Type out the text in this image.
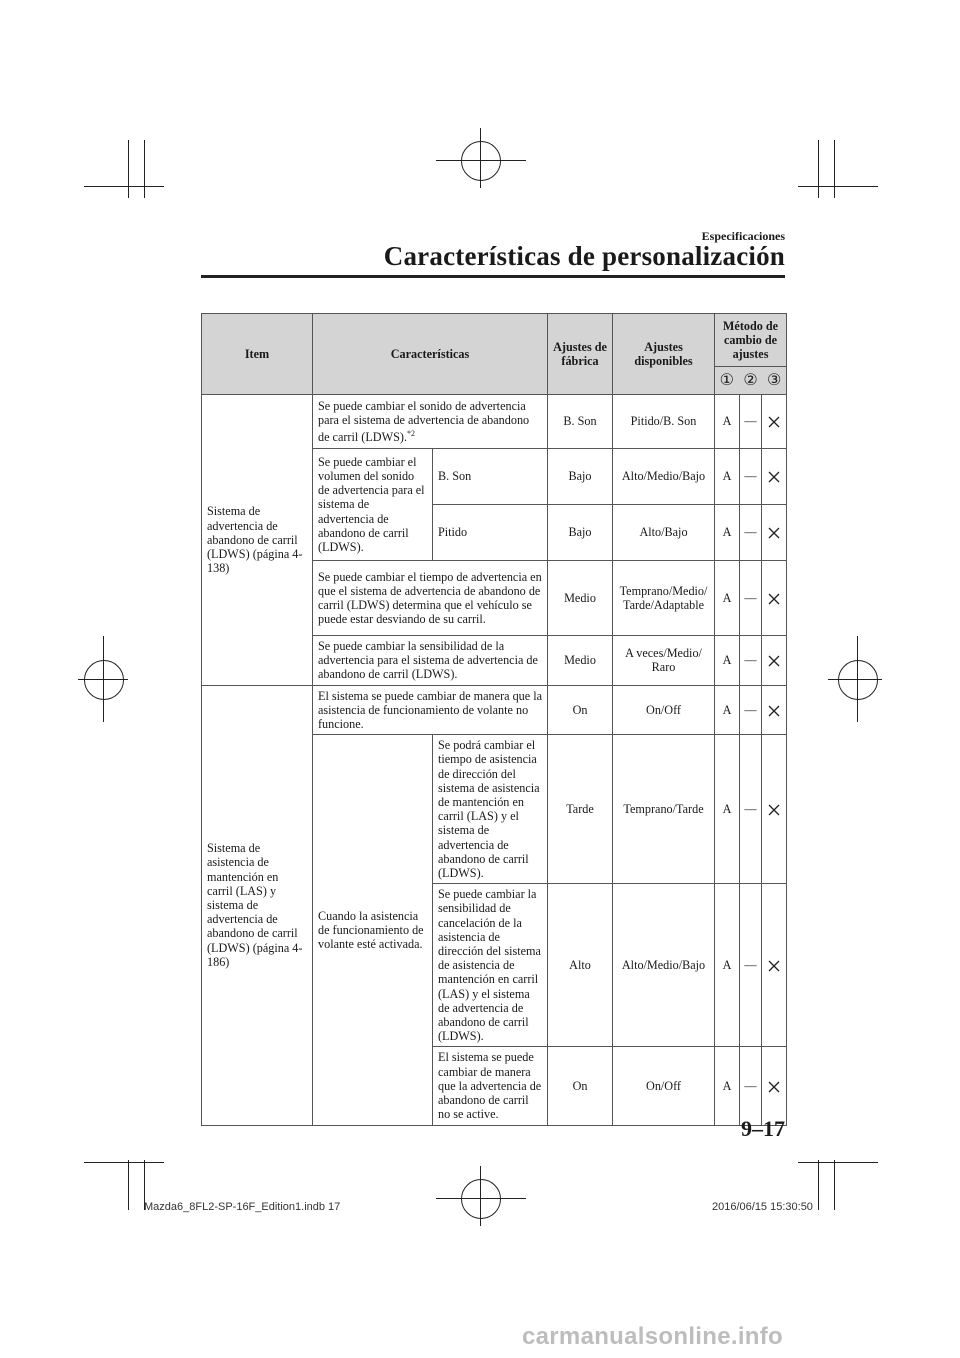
Especificaciones
Características de personalización
Item	Características		Ajustes de fábrica	Ajustes disponibles	Método de cambio de ajustes		

					① ② ③		

Sistema de advertencia de abandono de carril (LDWS) (página 4-138)	Se puede cambiar el sonido de advertencia para el sistema de advertencia de abandono de carril (LDWS).$^{*2}$		B. Son	Pitido/B. Son	A	—	
	Se puede cambiar el volumen del sonido de advertencia para el sistema de advertencia de abandono de carril (LDWS).	B. Son	Bajo	Alto/Medio/Bajo	A	—	
		Pitido	Bajo	Alto/Bajo	A	—	
	Se puede cambiar el tiempo de advertencia en que el sistema de advertencia de abandono de carril (LDWS) determina que el vehículo se puede estar desviando de su carril.		Medio	Temprano/Medio/ Tarde/Adaptable	A	—	
	Se puede cambiar la sensibilidad de la advertencia para el sistema de advertencia de abandono de carril (LDWS).		Medio	A veces/Medio/ Raro	A	—	
Sistema de asistencia de mantención en carril (LAS) y sistema de advertencia de abandono de carril (LDWS) (página 4-186)	El sistema se puede cambiar de manera que la asistencia de funcionamiento de volante no funcione.		On	On/Off	A	—	
	Cuando la asistencia de funcionamiento de volante esté activada.	Se podrá cambiar el tiempo de asistencia de dirección del sistema de asistencia de mantención en carril (LAS) y el sistema de advertencia de abandono de carril (LDWS).	Tarde	Temprano/Tarde	A	—	
		Se puede cambiar la sensibilidad de cancelación de la asistencia de dirección del sistema de asistencia de mantención en carril (LAS) y el sistema de advertencia de abandono de carril (LDWS).	Alto	Alto/Medio/Bajo	A	—	
		El sistema se puede cambiar de manera que la advertencia de abandono de carril no se active.	On	On/Off	A	—	
9–17
Mazda6_8FL2-SP-16F_Edition1.indb 17	2016/06/15 15:30:50
carmanualsonline.info
